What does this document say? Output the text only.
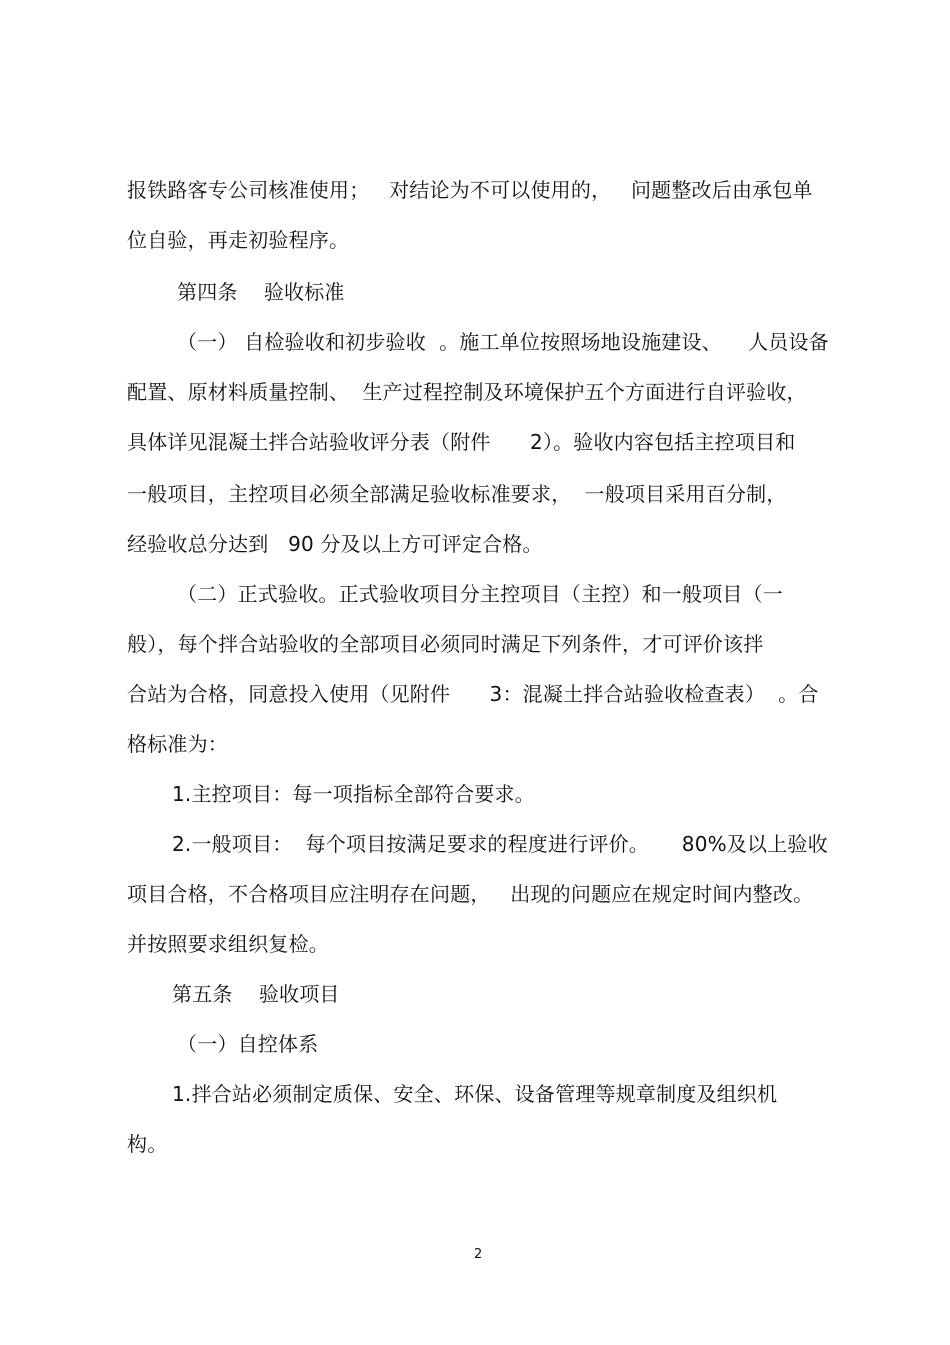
报铁路客专公司核准使用；   对结论为不可以使用的，   问题整改后由承包单
位自验，再走初验程序。
第四条    验收标准
（一） 自检验收和初步验收  。施工单位按照场地设施建设、    人员设备
配置、原材料质量控制、  生产过程控制及环境保护五个方面进行自评验收，
具体详见混凝土拌合站验收评分表（附件      2）。验收内容包括主控项目和
一般项目，主控项目必须全部满足验收标准要求，  一般项目采用百分制，
经验收总分达到   90 分及以上方可评定合格。
（二）正式验收。正式验收项目分主控项目（主控）和一般项目（一
般），每个拌合站验收的全部项目必须同时满足下列条件，才可评价该拌
合站为合格，同意投入使用（见附件      3：混凝土拌合站验收检查表）  。合
格标准为：
1.主控项目：每一项指标全部符合要求。
2.一般项目：  每个项目按满足要求的程度进行评价。     80%及以上验收
项目合格，不合格项目应注明存在问题，   出现的问题应在规定时间内整改。
并按照要求组织复检。
第五条    验收项目
（一）自控体系
1.拌合站必须制定质保、安全、环保、设备管理等规章制度及组织机
构。
2
